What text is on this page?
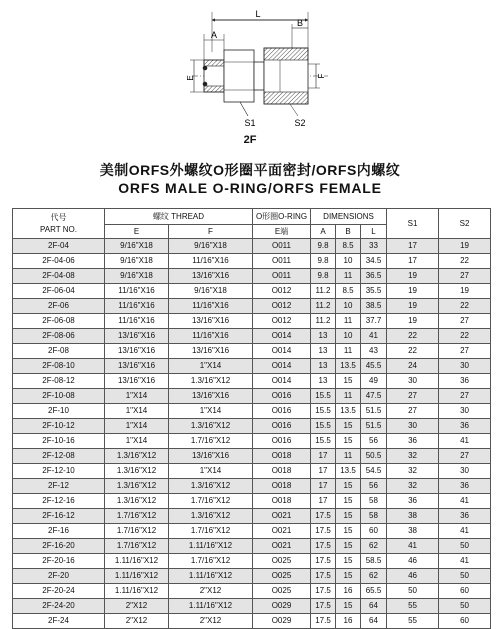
L
B
A
E	F
S1	S2
2F
美制ORFS外螺纹O形圈平面密封/ORFS内螺纹
ORFS MALE O-RING/ORFS FEMALE
代号
PART NO.	螺纹 THREAD		O形圈O-RING	DIMENSIONS			S1	S2
	E	F	E端	A	B	L		
2F-04	9/16"X18	9/16"X18	O011	9.8	8.5	33	17	19
2F-04-06	9/16"X18	11/16"X16	O011	9.8	10	34.5	17	22
2F-04-08	9/16"X18	13/16"X16	O011	9.8	11	36.5	19	27
2F-06-04	11/16"X16	9/16"X18	O012	11.2	8.5	35.5	19	19
2F-06	11/16"X16	11/16"X16	O012	11.2	10	38.5	19	22
2F-06-08	11/16"X16	13/16"X16	O012	11.2	11	37.7	19	27
2F-08-06	13/16"X16	11/16"X16	O014	13	10	41	22	22
2F-08	13/16"X16	13/16"X16	O014	13	11	43	22	27
2F-08-10	13/16"X16	1"X14	O014	13	13.5	45.5	24	30
2F-08-12	13/16"X16	1.3/16"X12	O014	13	15	49	30	36
2F-10-08	1"X14	13/16"X16	O016	15.5	11	47.5	27	27
2F-10	1"X14	1"X14	O016	15.5	13.5	51.5	27	30
2F-10-12	1"X14	1.3/16"X12	O016	15.5	15	51.5	30	36
2F-10-16	1"X14	1.7/16"X12	O016	15.5	15	56	36	41
2F-12-08	1.3/16"X12	13/16"X16	O018	17	11	50.5	32	27
2F-12-10	1.3/16"X12	1"X14	O018	17	13.5	54.5	32	30
2F-12	1.3/16"X12	1.3/16"X12	O018	17	15	56	32	36
2F-12-16	1.3/16"X12	1.7/16"X12	O018	17	15	58	36	41
2F-16-12	1.7/16"X12	1.3/16"X12	O021	17.5	15	58	38	36
2F-16	1.7/16"X12	1.7/16"X12	O021	17.5	15	60	38	41
2F-16-20	1.7/16"X12	1.11/16"X12	O021	17.5	15	62	41	50
2F-20-16	1.11/16"X12	1.7/16"X12	O025	17.5	15	58.5	46	41
2F-20	1.11/16"X12	1.11/16"X12	O025	17.5	15	62	46	50
2F-20-24	1.11/16"X12	2"X12	O025	17.5	16	65.5	50	60
2F-24-20	2"X12	1.11/16"X12	O029	17.5	15	64	55	50
2F-24	2"X12	2"X12	O029	17.5	16	64	55	60
